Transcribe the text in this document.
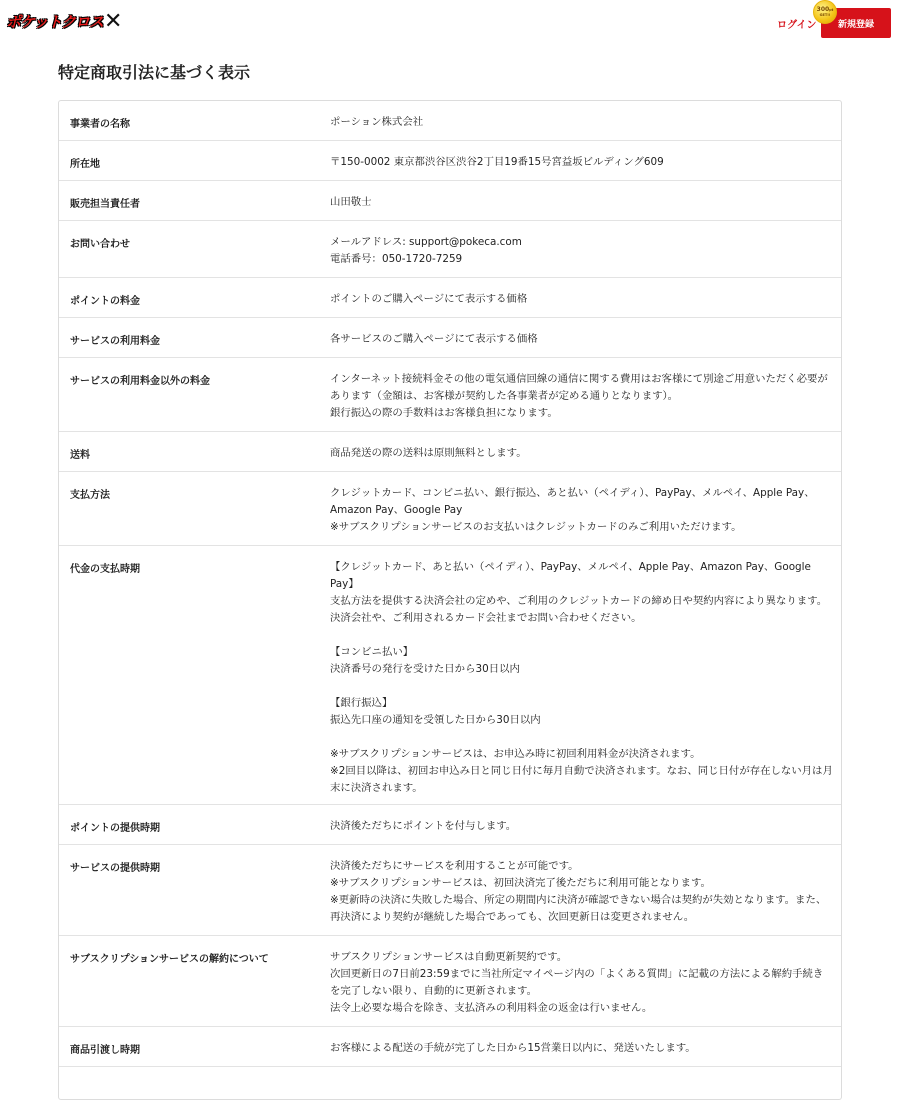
ポケットクロス ✕	ログイン	新規登録
300pt
GET!!
特定商取引法に基づく表示
事業者の名称	ポーション株式会社
所在地	〒150-0002 東京都渋谷区渋谷2丁目19番15号宮益坂ビルディング609
販売担当責任者	山田敬士
お問い合わせ	メールアドレス: support@pokeca.com
電話番号：050-1720-7259
ポイントの料金	ポイントのご購入ページにて表示する価格
サービスの利用料金	各サービスのご購入ページにて表示する価格
サービスの利用料金以外の料金	インターネット接続料金その他の電気通信回線の通信に関する費用はお客様にて別途ご用意いただく必要が
あります（金額は、お客様が契約した各事業者が定める通りとなります）。
銀行振込の際の手数料はお客様負担になります。
送料	商品発送の際の送料は原則無料とします。
支払方法	クレジットカード、コンビニ払い、銀行振込、あと払い（ペイディ）、PayPay、メルペイ、Apple Pay、
Amazon Pay、Google Pay
※サブスクリプションサービスのお支払いはクレジットカードのみご利用いただけます。
代金の支払時期	【クレジットカード、あと払い（ペイディ）、PayPay、メルペイ、Apple Pay、Amazon Pay、Google
Pay】
支払方法を提供する決済会社の定めや、ご利用のクレジットカードの締め日や契約内容により異なります。
決済会社や、ご利用されるカード会社までお問い合わせください。
【コンビニ払い】
決済番号の発行を受けた日から30日以内
【銀行振込】
振込先口座の通知を受領した日から30日以内
※サブスクリプションサービスは、お申込み時に初回利用料金が決済されます。
※2回目以降は、初回お申込み日と同じ日付に毎月自動で決済されます。なお、同じ日付が存在しない月は月
末に決済されます。
ポイントの提供時期	決済後ただちにポイントを付与します。
サービスの提供時期	決済後ただちにサービスを利用することが可能です。
※サブスクリプションサービスは、初回決済完了後ただちに利用可能となります。
※更新時の決済に失敗した場合、所定の期間内に決済が確認できない場合は契約が失効となります。また、
再決済により契約が継続した場合であっても、次回更新日は変更されません。
サブスクリプションサービスの解約について	サブスクリプションサービスは自動更新契約です。
次回更新日の7日前23:59までに当社所定マイページ内の「よくある質問」に記載の方法による解約手続き
を完了しない限り、自動的に更新されます。
法令上必要な場合を除き、支払済みの利用料金の返金は行いません。
商品引渡し時期	お客様による配送の手続が完了した日から15営業日以内に、発送いたします。
